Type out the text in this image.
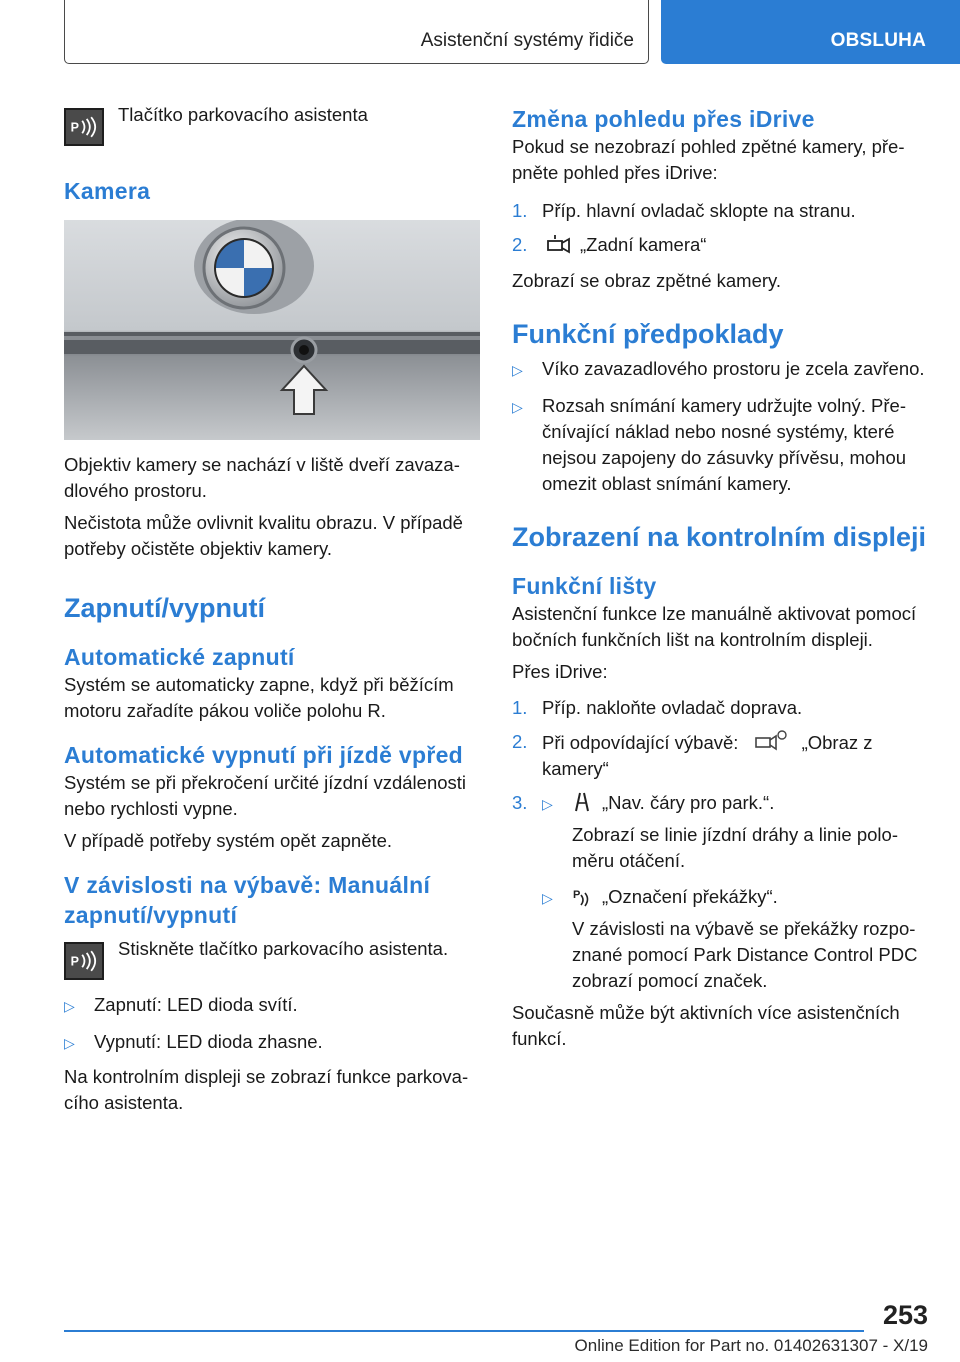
Asistenční systémy řidiče	OBSLUHA
P
Tlačítko parkovacího asistenta
Kamera

Objektiv kamery se nachází v liště dveří zavazadlového prostoru.

Nečistota může ovlivnit kvalitu obrazu. V případě potřeby očistěte objektiv kamery.

Zapnutí/vypnutí
Automatické zapnutí

Systém se automaticky zapne, když při běžícím motoru zařadíte pákou voliče polohu R.

Automatické vypnutí při jízdě vpřed

Systém se při překročení určité jízdní vzdálenosti nebo rychlosti vypne.

V případě potřeby systém opět zapněte.

V závislosti na výbavě: Manuální zapnutí/vypnutí
P
Stiskněte tlačítko parkovacího asistenta.
▷	Zapnutí: LED dioda svítí.
▷	Vypnutí: LED dioda zhasne.

Na kontrolním displeji se zobrazí funkce parkovacího asistenta.

Změna pohledu přes iDrive

Pokud se nezobrazí pohled zpětné kamery, přepněte pohled přes iDrive:

1. Příp. hlavní ovladač sklopte na stranu.
2.	„Zadní kamera“

Zobrazí se obraz zpětné kamery.

Funkční předpoklady
▷	Víko zavazadlového prostoru je zcela zavřeno.
▷	Rozsah snímání kamery udržujte volný. Přečnívající náklad nebo nosné systémy, které nejsou zapojeny do zásuvky přívěsu, mohou omezit oblast snímání kamery.
Zobrazení na kontrolním displeji
Funkční lišty

Asistenční funkce lze manuálně aktivovat pomocí bočních funkčních lišt na kontrolním displeji.

Přes iDrive:

1. Příp. nakloňte ovladač doprava.
2. Při odpovídající výbavě:	„Obraz z kamery“
3.	▷	„Nav. čáry pro park.“.

Zobrazí se linie jízdní dráhy a linie poloměru otáčení.

▷	P „Označení překážky“.

V závislosti na výbavě se překážky rozpoznané pomocí Park Distance Control PDC zobrazí pomocí značek.

Současně může být aktivních více asistenčních funkcí.

253
Online Edition for Part no. 01402631307 - X/19
